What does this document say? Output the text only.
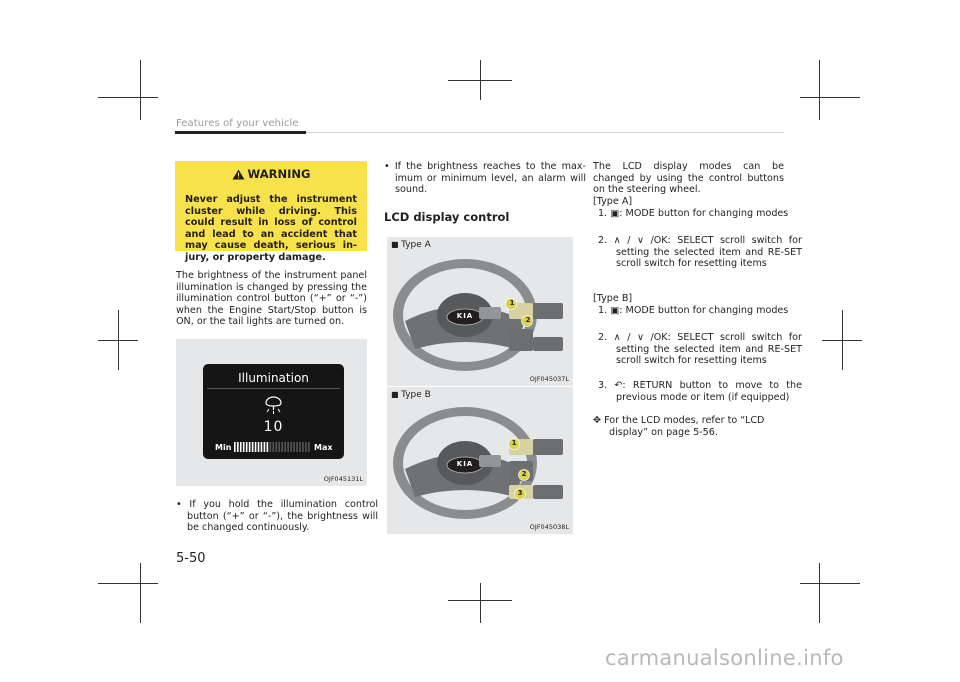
Features of your vehicle
WARNING
Never adjust the instrument cluster while driving. This could result in loss of control and lead to an accident that may cause death, serious in-jury, or property damage.
The brightness of the instrument panel illumination is changed by pressing the illumination control button (“+” or “-”) when the Engine Start/Stop button is ON, or the tail lights are turned on.
Illumination
10
Min	Max
OJF045131L
• If you hold the illumination control button (“+” or “-”), the brightness will be changed continuously.
• If the brightness reaches to the max-imum or minimum level, an alarm will sound.
LCD display control
■ Type A
1
2
KIA
OJF045037L
■ Type B
1
2
3
KIA
OJF045038L
The LCD display modes can be changed by using the control buttons on the steering wheel.
[Type A]
1. ▣: MODE button for changing modes
2. ∧ / ∨ /OK: SELECT scroll switch for setting the selected item and RE-SET scroll switch for resetting items
[Type B]
1. ▣: MODE button for changing modes
2. ∧ / ∨ /OK: SELECT scroll switch for setting the selected item and RE-SET scroll switch for resetting items
3. ↶: RETURN button to move to the previous mode or item (if equipped)
✥ For the LCD modes, refer to “LCD display” on page 5-56.
5-50
carmanualsonline.info
